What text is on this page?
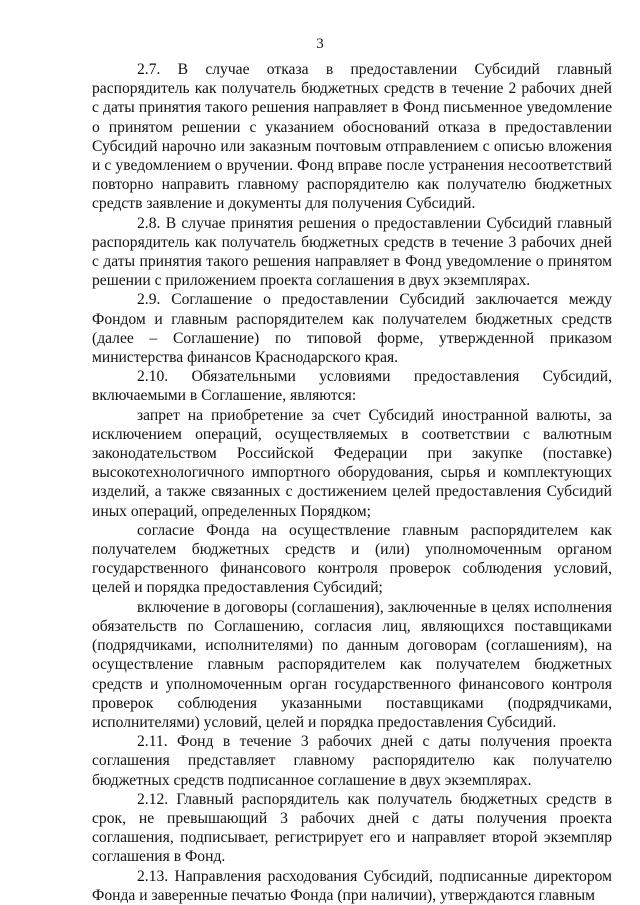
3

2.7. В случае отказа в предоставлении Субсидий главный распорядитель как получатель бюджетных средств в течение 2 рабочих дней с даты принятия такого решения направляет в Фонд письменное уведомление о принятом решении с указанием обоснований отказа в предоставлении Субсидий нарочно или заказным почтовым отправлением с описью вложения и с уведомлением о вручении. Фонд вправе после устранения несоответствий повторно направить главному распорядителю как получателю бюджетных средств заявление и документы для получения Субсидий.

2.8. В случае принятия решения о предоставлении Субсидий главный распорядитель как получатель бюджетных средств в течение 3 рабочих дней с даты принятия такого решения направляет в Фонд уведомление о принятом решении с приложением проекта соглашения в двух экземплярах.

2.9. Соглашение о предоставлении Субсидий заключается между Фондом и главным распорядителем как получателем бюджетных средств (далее – Соглашение) по типовой форме, утвержденной приказом министерства финансов Краснодарского края.

2.10. Обязательными условиями предоставления Субсидий, включаемыми в Соглашение, являются:

запрет на приобретение за счет Субсидий иностранной валюты, за исключением операций, осуществляемых в соответствии с валютным законодательством Российской Федерации при закупке (поставке) высокотехнологичного импортного оборудования, сырья и комплектующих изделий, а также связанных с достижением целей предоставления Субсидий иных операций, определенных Порядком;

согласие Фонда на осуществление главным распорядителем как получателем бюджетных средств и (или) уполномоченным органом государственного финансового контроля проверок соблюдения условий, целей и порядка предоставления Субсидий;

включение в договоры (соглашения), заключенные в целях исполнения обязательств по Соглашению, согласия лиц, являющихся поставщиками (подрядчиками, исполнителями) по данным договорам (соглашениям), на осуществление главным распорядителем как получателем бюджетных средств и уполномоченным орган государственного финансового контроля проверок соблюдения указанными поставщиками (подрядчиками, исполнителями) условий, целей и порядка предоставления Субсидий.

2.11. Фонд в течение 3 рабочих дней с даты получения проекта соглашения представляет главному распорядителю как получателю бюджетных средств подписанное соглашение в двух экземплярах.

2.12. Главный распорядитель как получатель бюджетных средств в срок, не превышающий 3 рабочих дней с даты получения проекта соглашения, подписывает, регистрирует его и направляет второй экземпляр соглашения в Фонд.

2.13. Направления расходования Субсидий, подписанные директором Фонда и заверенные печатью Фонда (при наличии), утверждаются главным
